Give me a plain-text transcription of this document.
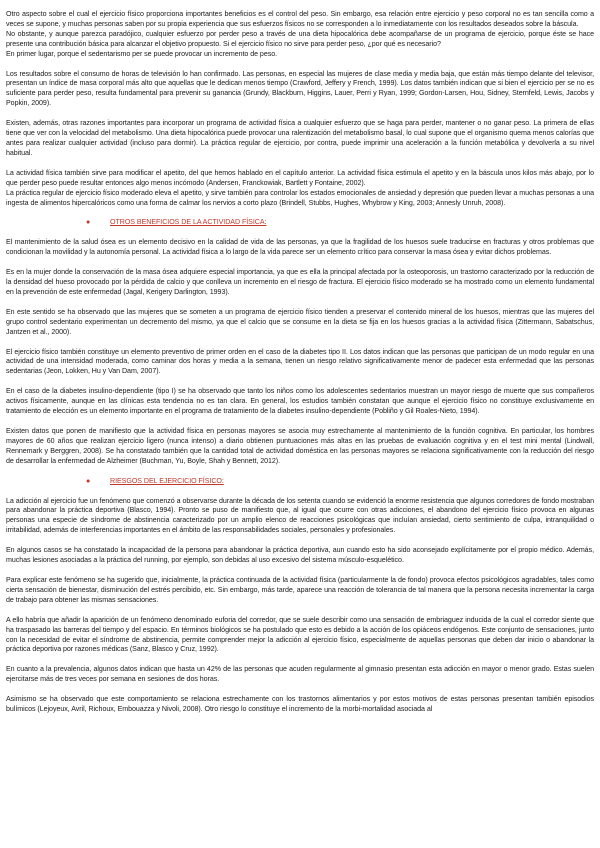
Otro aspecto sobre el cual el ejercicio físico proporciona importantes beneficios es el control del peso. Sin embargo, esa relación entre ejercicio y peso corporal no es tan sencilla como a veces se supone, y muchas personas saben por su propia experiencia que sus esfuerzos físicos no se corresponden a lo inmediatamente con los resultados deseados sobre la báscula.

No obstante, y aunque parezca paradójico, cualquier esfuerzo por perder peso a través de una dieta hipocalórica debe acompañarse de un programa de ejercicio, porque éste se hace presente una contribución básica para alcanzar el objetivo propuesto. Si el ejercicio físico no sirve para perder peso, ¿por qué es necesario?

En primer lugar, porque el sedentarismo per se puede provocar un incremento de peso.

Los resultados sobre el consumo de horas de televisión lo han confirmado. Las personas, en especial las mujeres de clase media y media baja, que están más tiempo delante del televisor, presentan un índice de masa corporal más alto que aquellas que le dedican menos tiempo (Crawford, Jeffery y French, 1999). Los datos también indican que si bien el ejercicio per se no es suficiente para perder peso, resulta fundamental para prevenir su ganancia (Grundy, Blackburn, Higgins, Lauer, Perri y Ryan, 1999; Gordon-Larsen, Hou, Sidney, Sternfeld, Lewis, Jacobs y Popkin, 2009).

Existen, además, otras razones importantes para incorporar un programa de actividad física a cualquier esfuerzo que se haga para perder, mantener o no ganar peso. La primera de ellas tiene que ver con la velocidad del metabolismo. Una dieta hipocalórica puede provocar una ralentización del metabolismo basal, lo cual supone que el organismo quema menos calorías que antes para realizar cualquier actividad (incluso para dormir). La práctica regular de ejercicio, por contra, puede imprimir una aceleración a la función metabólica y devolverla a su nivel habitual.

La actividad física también sirve para modificar el apetito, del que hemos hablado en el capítulo anterior. La actividad física estimula el apetito y en la báscula unos kilos más abajo, por lo que perder peso puede resultar entonces algo menos incómodo (Andersen, Franckowiak, Bartlett y Fontaine, 2002).

La práctica regular de ejercicio físico moderado eleva el apetito, y sirve también para controlar los estados emocionales de ansiedad y depresión que pueden llevar a muchas personas a una ingesta de alimentos hipercalóricos como una forma de calmar los nervios a corto plazo (Brindell, Stubbs, Hughes, Whybrow y King, 2003; Annesly Unruh, 2008).

●	OTROS BENEFICIOS DE LA ACTIVIDAD FÍSICA:

El mantenimiento de la salud ósea es un elemento decisivo en la calidad de vida de las personas, ya que la fragilidad de los huesos suele traducirse en fracturas y otros problemas que condicionan la movilidad y la autonomía personal. La actividad física a lo largo de la vida parece ser un elemento crítico para conservar la masa ósea y evitar dichos problemas.

Es en la mujer donde la conservación de la masa ósea adquiere especial importancia, ya que es ella la principal afectada por la osteoporosis, un trastorno caracterizado por la reducción de la densidad del hueso provocado por la pérdida de calcio y que conlleva un incremento en el riesgo de fractura. El ejercicio físico moderado se ha mostrado como un elemento fundamental en la prevención de este enfermedad (Jagal, Kerigery Darlington, 1993).

En este sentido se ha observado que las mujeres que se someten a un programa de ejercicio físico tienden a preservar el contenido mineral de los huesos, mientras que las mujeres del grupo control sedentario experimentan un decremento del mismo, ya que el calcio que se consume en la dieta se fija en los huesos gracias a la actividad física (Zittermann, Sabatschus, Jantzen et al., 2000).

El ejercicio físico también constituye un elemento preventivo de primer orden en el caso de la diabetes tipo II. Los datos indican que las personas que participan de un modo regular en una actividad de una intensidad moderada, como caminar dos horas y media a la semana, tienen un riesgo relativo significativamente menor de padecer esta enfermedad que las personas sedentarias (Jeon, Lokken, Hu y Van Dam, 2007).

En el caso de la diabetes insulino-dependiente (tipo I) se ha observado que tanto los niños como los adolescentes sedentarios muestran un mayor riesgo de muerte que sus compañeros activos físicamente, aunque en las clínicas esta tendencia no es tan clara. En general, los estudios también constatan que aunque el ejercicio físico no constituye exclusivamente en tratamiento de elección es un elemento importante en el programa de tratamiento de la diabetes insulino-dependiente (Pobliño y Gil Roales-Nieto, 1994).

Existen datos que ponen de manifiesto que la actividad física en personas mayores se asocia muy estrechamente al mantenimiento de la función cognitiva. En particular, los hombres mayores de 60 años que realizan ejercicio ligero (nunca intenso) a diario obtienen puntuaciones más altas en las pruebas de evaluación cognitiva y en el test mini mental (Lindwall, Rennemark y Berggren, 2008). Se ha constatado también que la cantidad total de actividad doméstica en las personas mayores se relaciona significativamente con la reducción del riesgo de desarrollar la enfermedad de Alzheimer (Buchman, Yu, Boyle, Shah y Bennett, 2012).

●	RIESGOS DEL EJERCICIO FÍSICO:

La adicción al ejercicio fue un fenómeno que comenzó a observarse durante la década de los setenta cuando se evidenció la enorme resistencia que algunos corredores de fondo mostraban para abandonar la práctica deportiva (Blasco, 1994). Pronto se puso de manifiesto que, al igual que ocurre con otras adicciones, el abandono del ejercicio físico provoca en algunas personas una especie de síndrome de abstinencia caracterizado por un amplio elenco de reacciones psicológicas que incluían ansiedad, cierto sentimiento de culpa, intranquilidad o irritabilidad, además de interferencias importantes en el ámbito de las responsabilidades sociales, personales y profesionales.

En algunos casos se ha constatado la incapacidad de la persona para abandonar la práctica deportiva, aun cuando esto ha sido aconsejado explícitamente por el propio médico. Además, muchas lesiones asociadas a la práctica del running, por ejemplo, son debidas al uso excesivo del sistema músculo-esquelético.

Para explicar este fenómeno se ha sugerido que, inicialmente, la práctica continuada de la actividad física (particularmente la de fondo) provoca efectos psicológicos agradables, tales como cierta sensación de bienestar, disminución del estrés percibido, etc. Sin embargo, más tarde, aparece una reacción de tolerancia de tal manera que la persona necesita incrementar la carga de trabajo para obtener las mismas sensaciones.

A ello habría que añadir la aparición de un fenómeno denominado euforia del corredor, que se suele describir como una sensación de embriaguez inducida de la cual el corredor siente que ha traspasado las barreras del tiempo y del espacio. En términos biológicos se ha postulado que esto es debido a la acción de los opiáceos endógenos. Este conjunto de sensaciones, junto con la necesidad de evitar el síndrome de abstinencia, permite comprender mejor la adicción al ejercicio físico, especialmente de aquellas personas que deben dar inicio o abandonar la práctica deportiva por razones médicas (Sanz, Blasco y Cruz, 1992).

En cuanto a la prevalencia, algunos datos indican que hasta un 42% de las personas que acuden regularmente al gimnasio presentan esta adicción en mayor o menor grado. Estas suelen ejercitarse más de tres veces por semana en sesiones de dos horas.

Asimismo se ha observado que este comportamiento se relaciona estrechamente con los trastornos alimentarios y por estos motivos de estas personas presentan también episodios bulímicos (Lejoyeux, Avril, Richoux, Embouazza y Nivoli, 2008). Otro riesgo lo constituye el incremento de la morbi-mortalidad asociada al
